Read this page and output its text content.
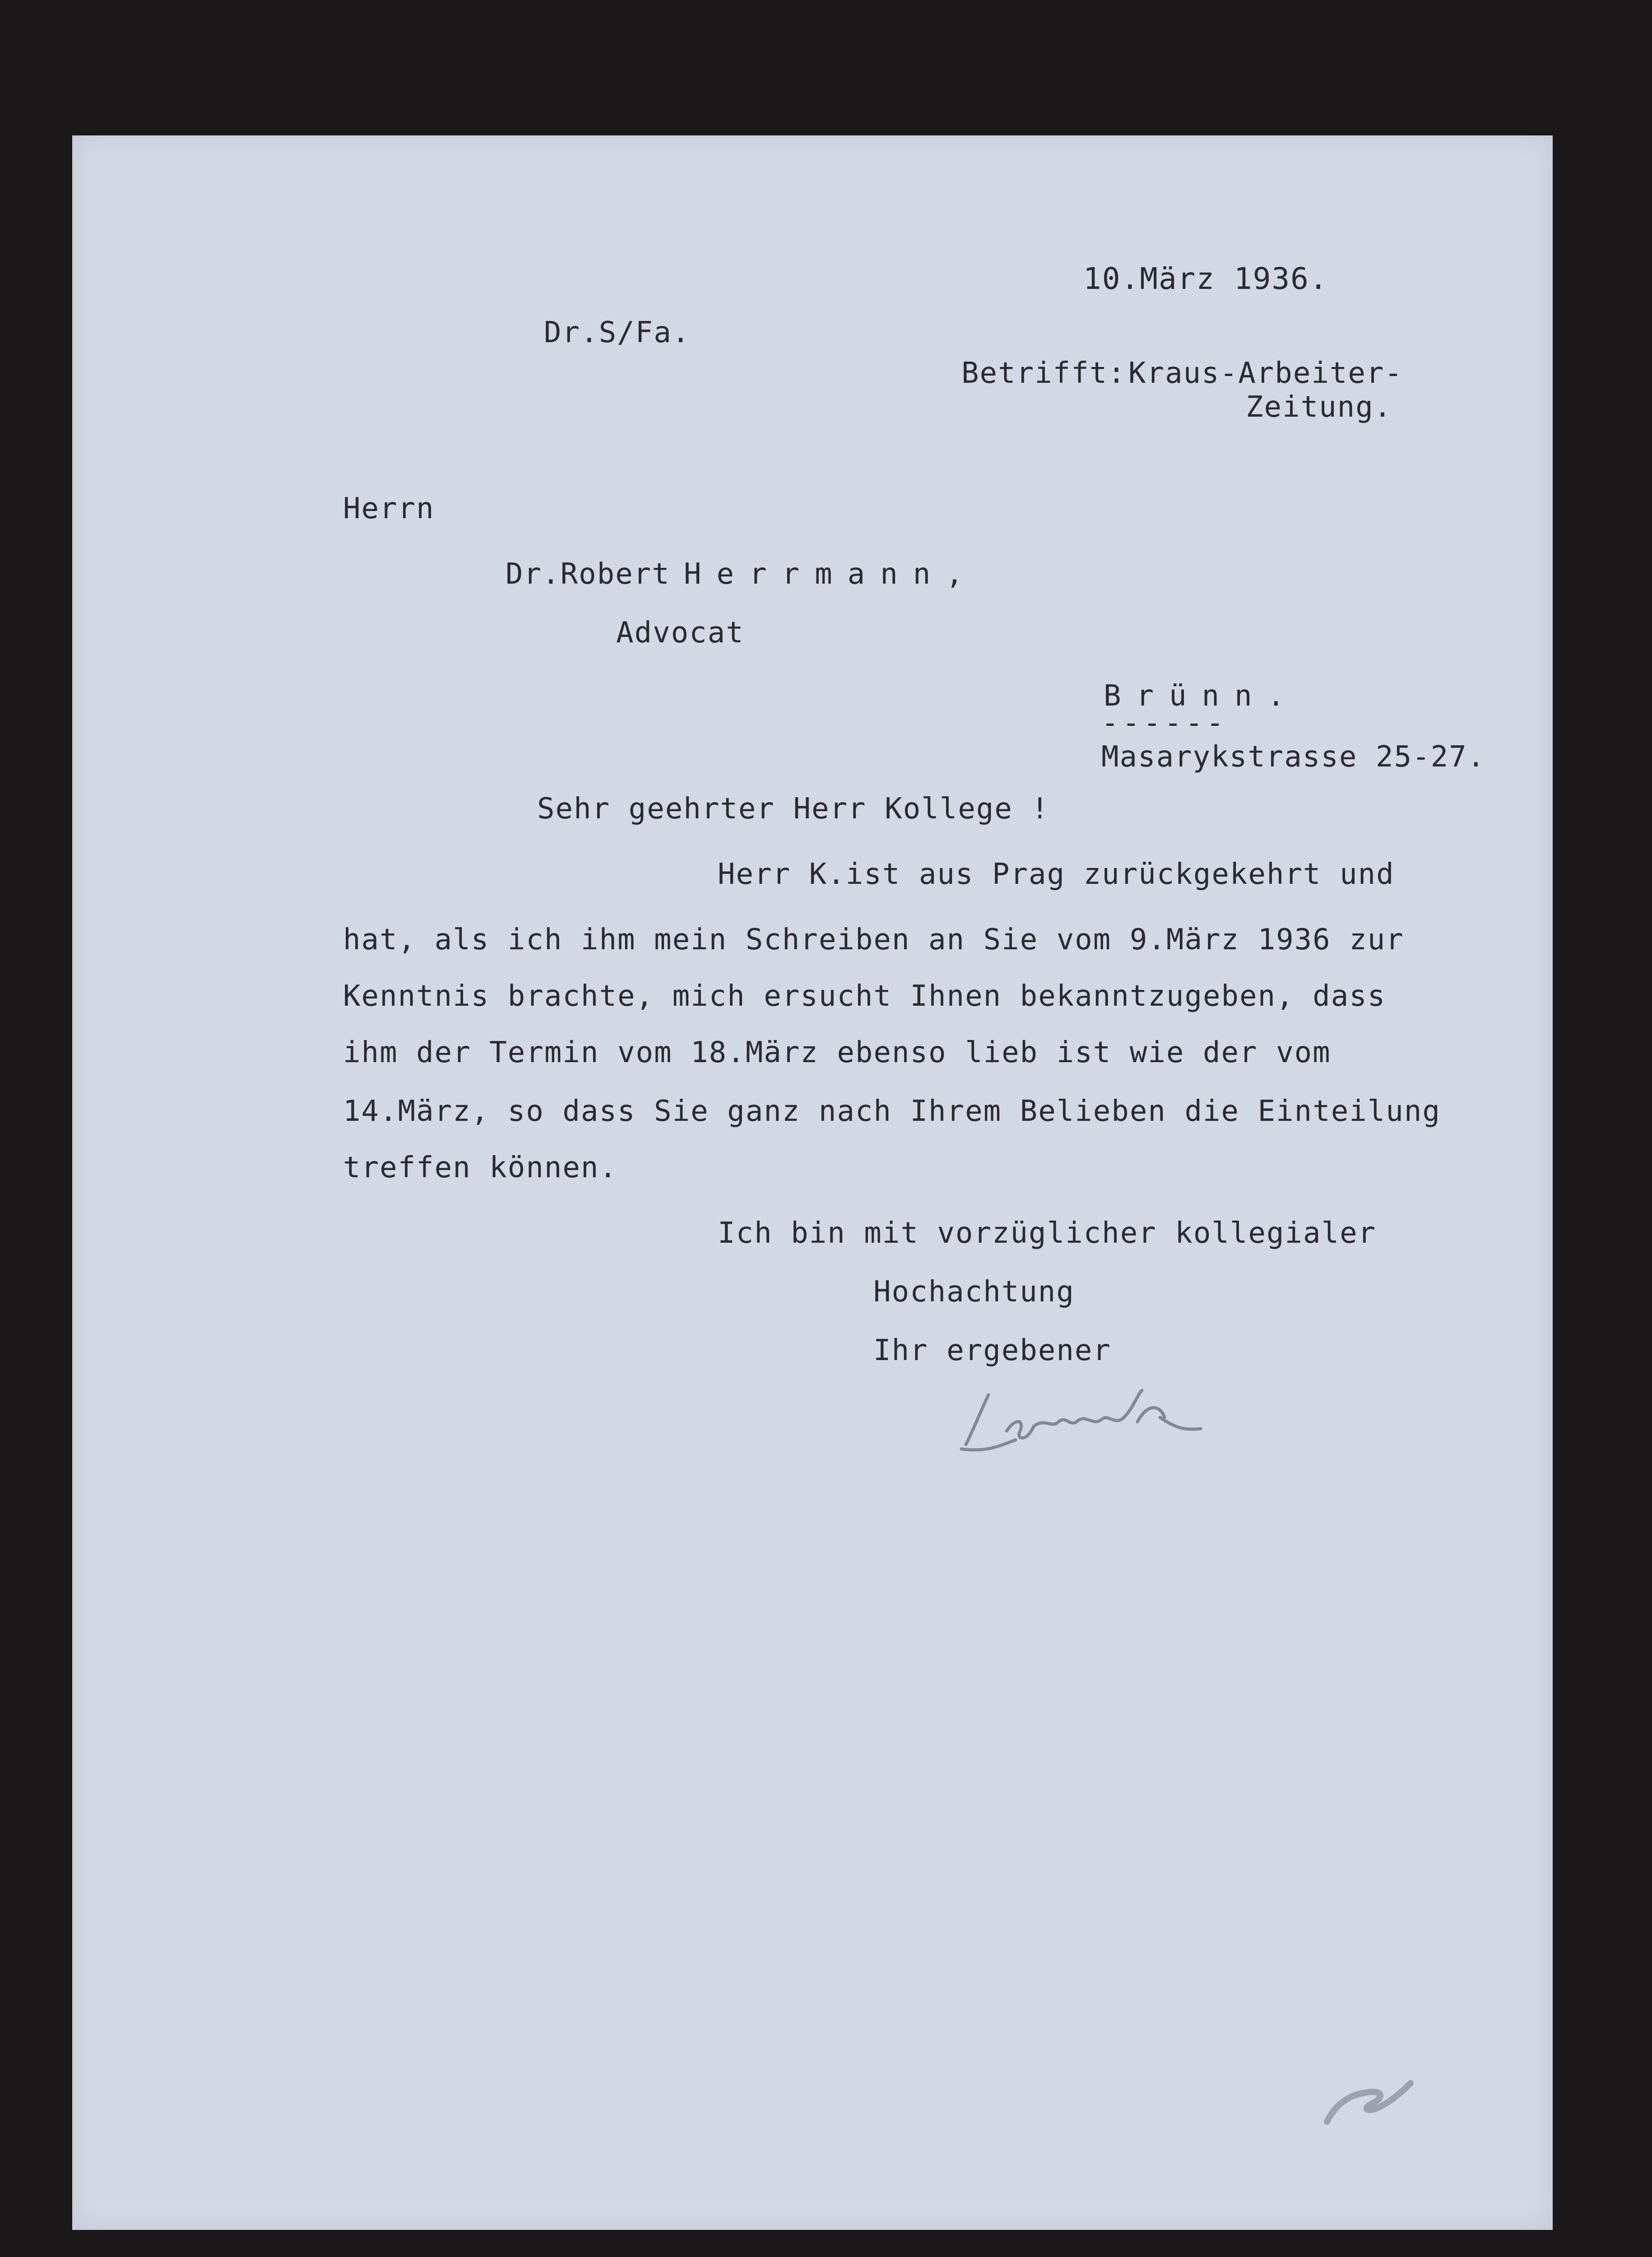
10.März 1936.
Dr.S/Fa.
Betrifft: Kraus-Arbeiter-
Zeitung.
Herrn
Dr.Robert Herrmann,
Advocat
Brünn.
------
Masarykstrasse 25-27.
Sehr geehrter Herr Kollege !
Herr K.ist aus Prag zurückgekehrt und
hat, als ich ihm mein Schreiben an Sie vom 9.März 1936 zur
Kenntnis brachte, mich ersucht Ihnen bekanntzugeben, dass
ihm der Termin vom 18.März ebenso lieb ist wie der vom
14.März, so dass Sie ganz nach Ihrem Belieben die Einteilung
treffen können.
Ich bin mit vorzüglicher kollegialer
Hochachtung
Ihr ergebener
